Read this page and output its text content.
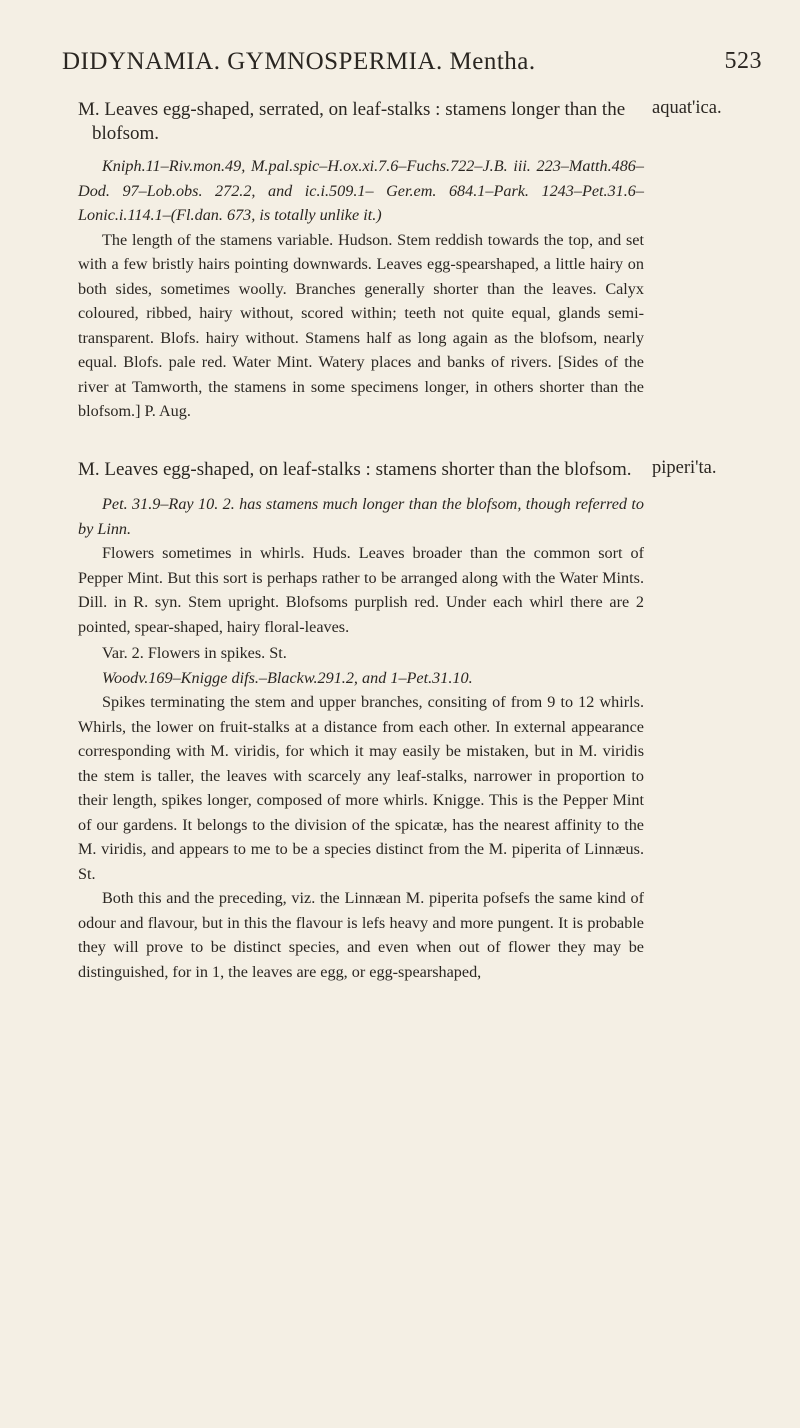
DIDYNAMIA. GYMNOSPERMIA. Mentha.	523
aquat'ica.

M. Leaves egg-shaped, serrated, on leaf-stalks : stamens longer than the blofsom.

Kniph.11–Riv.mon.49, M.pal.spic–H.ox.xi.7.6–Fuchs.722–J.B. iii. 223–Matth.486–Dod. 97–Lob.obs. 272.2, and ic.i.509.1– Ger.em. 684.1–Park. 1243–Pet.31.6–Lonic.i.114.1–(Fl.dan. 673, is totally unlike it.)

The length of the stamens variable. Hudson. Stem reddish towards the top, and set with a few bristly hairs pointing downwards. Leaves egg-spearshaped, a little hairy on both sides, sometimes woolly. Branches generally shorter than the leaves. Calyx coloured, ribbed, hairy without, scored within; teeth not quite equal, glands semi-transparent. Blofs. hairy without. Stamens half as long again as the blofsom, nearly equal. Blofs. pale red. Water Mint. Watery places and banks of rivers. [Sides of the river at Tamworth, the stamens in some specimens longer, in others shorter than the blofsom.] P. Aug.

piperi'ta.

M. Leaves egg-shaped, on leaf-stalks : stamens shorter than the blofsom.

Pet. 31.9–Ray 10. 2. has stamens much longer than the blofsom, though referred to by Linn.

Flowers sometimes in whirls. Huds. Leaves broader than the common sort of Pepper Mint. But this sort is perhaps rather to be arranged along with the Water Mints. Dill. in R. syn. Stem upright. Blofsoms purplish red. Under each whirl there are 2 pointed, spear-shaped, hairy floral-leaves.

Var. 2. Flowers in spikes. St.

Woodv.169–Knigge difs.–Blackw.291.2, and 1–Pet.31.10.

Spikes terminating the stem and upper branches, consiting of from 9 to 12 whirls. Whirls, the lower on fruit-stalks at a distance from each other. In external appearance corresponding with M. viridis, for which it may easily be mistaken, but in M. viridis the stem is taller, the leaves with scarcely any leaf-stalks, narrower in proportion to their length, spikes longer, composed of more whirls. Knigge. This is the Pepper Mint of our gardens. It belongs to the division of the spicatæ, has the nearest affinity to the M. viridis, and appears to me to be a species distinct from the M. piperita of Linnæus. St.

Both this and the preceding, viz. the Linnæan M. piperita pofsefs the same kind of odour and flavour, but in this the flavour is lefs heavy and more pungent. It is probable they will prove to be distinct species, and even when out of flower they may be distinguished, for in 1, the leaves are egg, or egg-spearshaped,
